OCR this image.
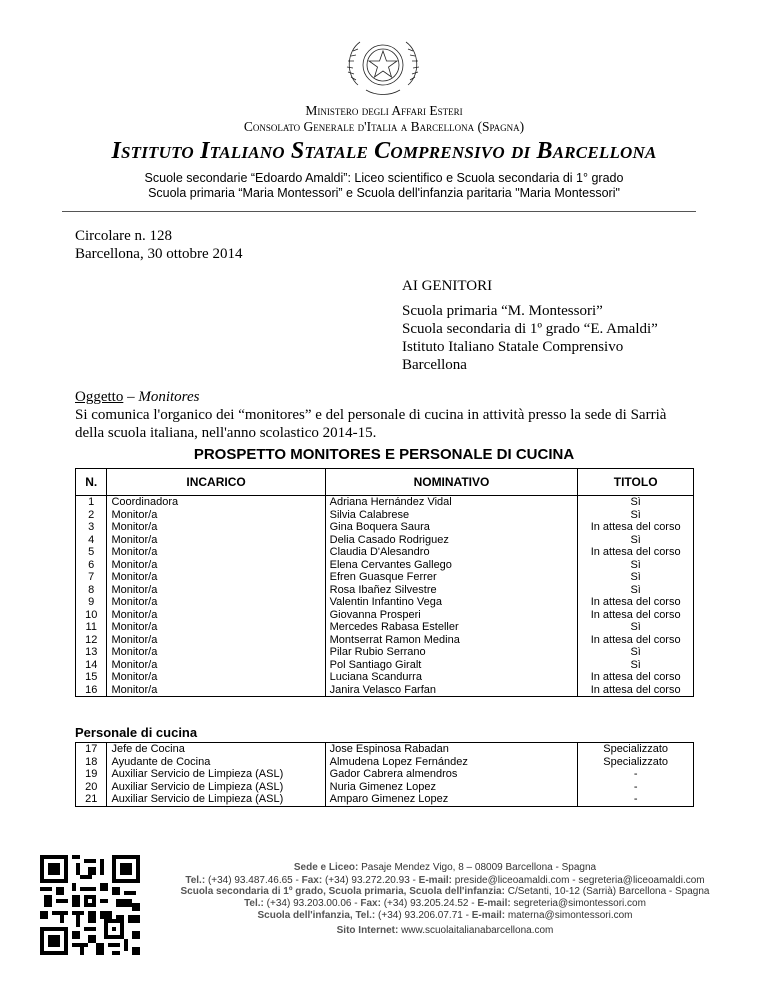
Ministero degli Affari Esteri
Consolato Generale d'Italia a Barcellona (Spagna)
Istituto Italiano Statale Comprensivo di Barcellona
Scuole secondarie “Edoardo Amaldi”: Liceo scientifico e Scuola secondaria di 1° grado
Scuola primaria “Maria Montessori” e Scuola dell'infanzia paritaria "Maria Montessori"
Circolare n. 128
Barcellona, 30 ottobre 2014
AI GENITORI
Scuola primaria “M. Montessori”
Scuola secondaria di 1º grado “E. Amaldi”
Istituto Italiano Statale Comprensivo
Barcellona
Oggetto – Monitores
Si comunica l'organico dei “monitores” e del personale di cucina in attività presso la sede di Sarrià
della scuola italiana, nell'anno scolastico 2014-15.
PROSPETTO MONITORES E PERSONALE DI CUCINA
N.	INCARICO	NOMINATIVO	TITOLO
1	Coordinadora	Adriana Hernández Vidal	Sì
2	Monitor/a	Silvia Calabrese	Sì
3	Monitor/a	Gina Boquera Saura	In attesa del corso
4	Monitor/a	Delia Casado Rodriguez	Sì
5	Monitor/a	Claudia D'Alesandro	In attesa del corso
6	Monitor/a	Elena Cervantes Gallego	Sì
7	Monitor/a	Efren Guasque Ferrer	Sì
8	Monitor/a	Rosa Ibañez Silvestre	Sì
9	Monitor/a	Valentin Infantino Vega	In attesa del corso
10	Monitor/a	Giovanna Prosperi	In attesa del corso
11	Monitor/a	Mercedes Rabasa Esteller	Sì
12	Monitor/a	Montserrat Ramon Medina	In attesa del corso
13	Monitor/a	Pilar Rubio Serrano	Sì
14	Monitor/a	Pol Santiago Giralt	Sì
15	Monitor/a	Luciana Scandurra	In attesa del corso
16	Monitor/a	Janira Velasco Farfan	In attesa del corso
Personale di cucina
17	Jefe de Cocina	Jose Espinosa Rabadan	Specializzato
18	Ayudante de Cocina	Almudena Lopez Fernández	Specializzato
19	Auxiliar Servicio de Limpieza (ASL)	Gador Cabrera almendros	-
20	Auxiliar Servicio de Limpieza (ASL)	Nuria Gimenez Lopez	-
21	Auxiliar Servicio de Limpieza (ASL)	Amparo Gimenez Lopez	-
Sede e Liceo: Pasaje Mendez Vigo, 8 – 08009 Barcellona - Spagna
Tel.: (+34) 93.487.46.65 - Fax: (+34) 93.272.20.93 - E-mail: preside@liceoamaldi.com - segreteria@liceoamaldi.com
Scuola secondaria di 1º grado, Scuola primaria, Scuola dell'infanzia: C/Setanti, 10-12 (Sarrià) Barcellona - Spagna
Tel.: (+34) 93.203.00.06 - Fax: (+34) 93.205.24.52 - E-mail: segreteria@simontessori.com
Scuola dell'infanzia, Tel.: (+34) 93.206.07.71 - E-mail: materna@simontessori.com
Sito Internet: www.scuolaitalianabarcellona.com
